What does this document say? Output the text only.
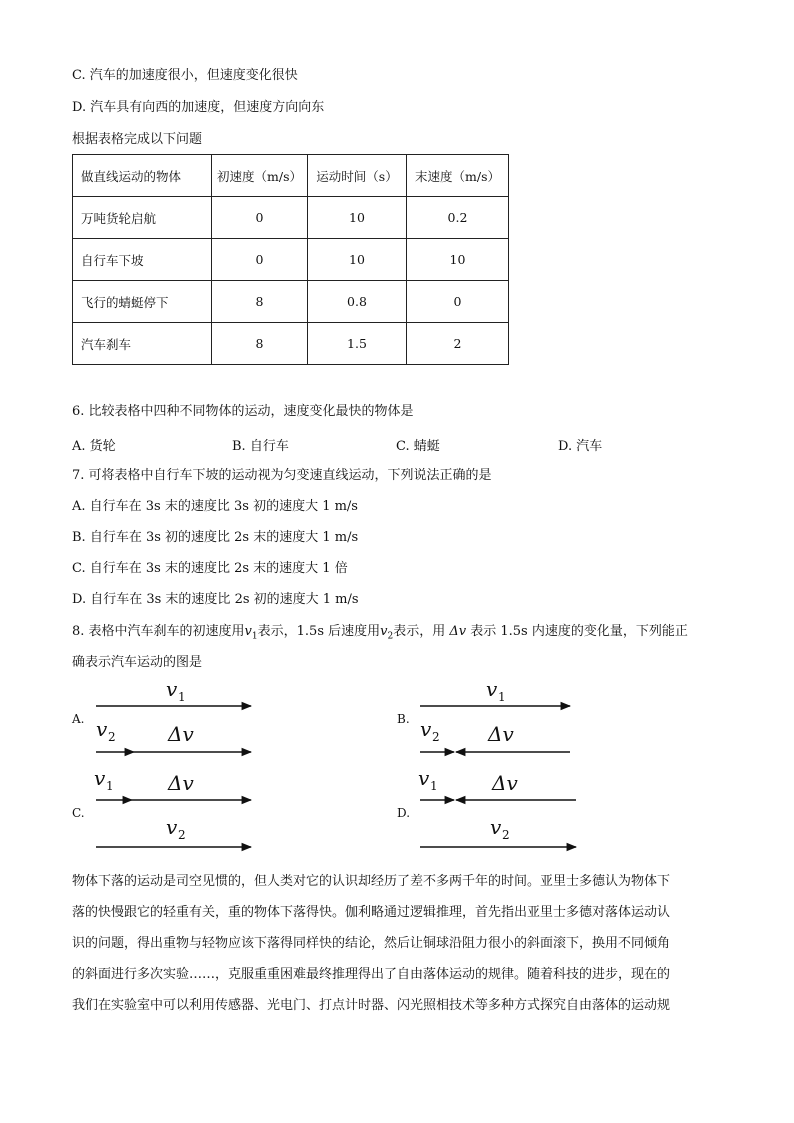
C. 汽车的加速度很小，但速度变化很快
D. 汽车具有向西的加速度，但速度方向向东
根据表格完成以下问题
做直线运动的物体	初速度（m/s）	运动时间（s）	末速度（m/s）
万吨货轮启航	0	10	0.2
自行车下坡	0	10	10
飞行的蜻蜓停下	8	0.8	0
汽车刹车	8	1.5	2
6. 比较表格中四种不同物体的运动，速度变化最快的物体是
A. 货轮	B. 自行车	C. 蜻蜓	D. 汽车
7. 可将表格中自行车下坡的运动视为匀变速直线运动，下列说法正确的是
A. 自行车在 3s 末的速度比 3s 初的速度大 1 m/s
B. 自行车在 3s 初的速度比 2s 末的速度大 1 m/s
C. 自行车在 3s 末的速度比 2s 末的速度大 1 倍
D. 自行车在 3s 末的速度比 2s 初的速度大 1 m/s
8. 表格中汽车刹车的初速度用$v_1$表示，1.5s 后速度用$v_2$表示，用 Δv 表示 1.5s 内速度的变化量，下列能正
确表示汽车运动的图是
A.	B.
C.	D.
v 1
v 2	Δv
v 1
v 2 Δv
v 1	Δv
v 2
v 1	Δv
v 2

物体下落的运动是司空见惯的，但人类对它的认识却经历了差不多两千年的时间。亚里士多德认为物体下

落的快慢跟它的轻重有关，重的物体下落得快。伽利略通过逻辑推理，首先指出亚里士多德对落体运动认

识的问题，得出重物与轻物应该下落得同样快的结论，然后让铜球沿阻力很小的斜面滚下，换用不同倾角

的斜面进行多次实验……，克服重重困难最终推理得出了自由落体运动的规律。随着科技的进步，现在的

我们在实验室中可以利用传感器、光电门、打点计时器、闪光照相技术等多种方式探究自由落体的运动规
